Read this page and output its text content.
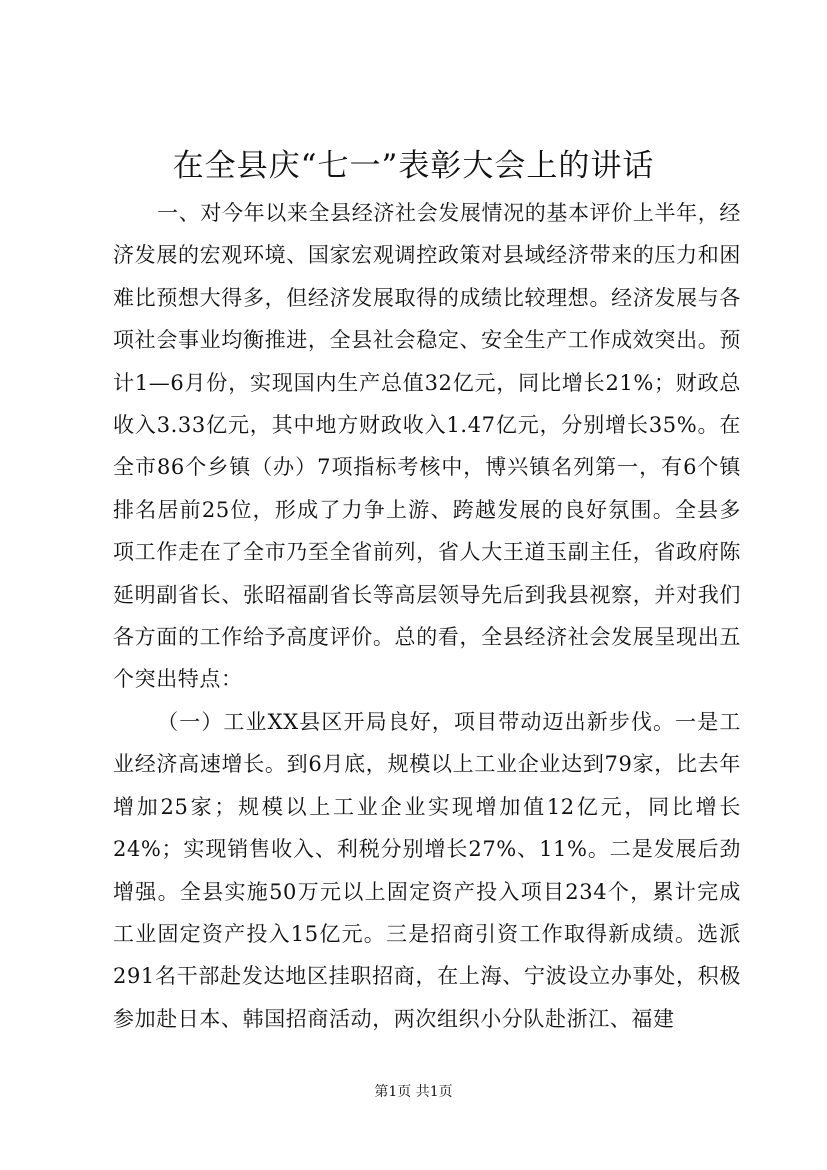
在全县庆“七一”表彰大会上的讲话

一、对今年以来全县经济社会发展情况的基本评价上半年，经济发展的宏观环境、国家宏观调控政策对县域经济带来的压力和困难比预想大得多，但经济发展取得的成绩比较理想。经济发展与各项社会事业均衡推进，全县社会稳定、安全生产工作成效突出。预计1—6月份，实现国内生产总值32亿元，同比增长21%；财政总收入3.33亿元，其中地方财政收入1.47亿元，分别增长35%。在全市86个乡镇（办）7项指标考核中，博兴镇名列第一，有6个镇排名居前25位，形成了力争上游、跨越发展的良好氛围。全县多项工作走在了全市乃至全省前列，省人大王道玉副主任，省政府陈延明副省长、张昭福副省长等高层领导先后到我县视察，并对我们各方面的工作给予高度评价。总的看，全县经济社会发展呈现出五个突出特点：

（一）工业XX县区开局良好，项目带动迈出新步伐。一是工业经济高速增长。到6月底，规模以上工业企业达到79家，比去年增加25家；规模以上工业企业实现增加值12亿元，同比增长24%；实现销售收入、利税分别增长27%、11%。二是发展后劲增强。全县实施50万元以上固定资产投入项目234个，累计完成工业固定资产投入15亿元。三是招商引资工作取得新成绩。选派291名干部赴发达地区挂职招商，在上海、宁波设立办事处，积极参加赴日本、韩国招商活动，两次组织小分队赴浙江、福建

第1页 共1页
